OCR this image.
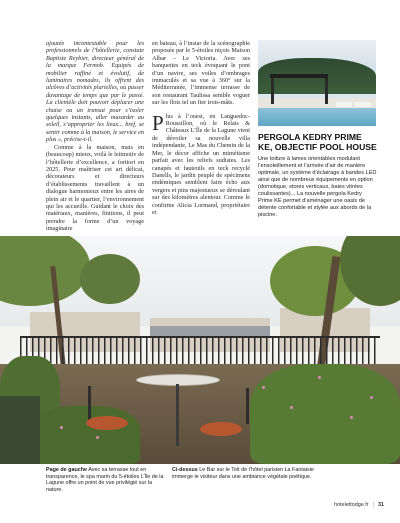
ajoutée incontestable pour les professionnels de l’hôtellerie, constate Baptiste Reybier, directeur général de la marque Fermob. Équipés de mobilier raffiné et évolutif, de luminaires nomades, ils offrent des alcôves d’activités plurielles, où passer davantage de temps que par le passé. La clientèle doit pouvoir déplacer une chaise ou un transat pour s’isoler quelques instants, aller musarder au soleil, s’approprier les lieux... bref, se sentir comme à la maison, le service en plus », précise-t-il.

Comme à la maison, mais en (beaucoup) mieux, voilà le leitmotiv de l’hôtellerie d’excellence, a fortiori en 2025. Pour maîtriser cet art délicat, décorateurs et directeurs d’établissements travaillent à un dialogue harmonieux entre les aires de plein air et le quartier, l’environnement qui les accueille. Guidant le choix des matériaux, manières, finitions, il peut prendre la forme d’un voyage imaginaire

en bateau, à l’instar de la scénographie proposée par le 5-étoiles niçois Maison Albar – Le Victoria. Avec ses banquettes en teck évoquant le pont d’un navire, ses voiles d’ombrages immaculés et sa vue à 360° sur la Méditerranée, l’immense terrasse de son restaurant Taulissa semble voguer sur les flots tel un fier trois-mâts.

Plus à l’ouest, en Languedoc-Roussillon, où le Relais & Châteaux L’Île de la Lagune vient de dévoiler sa nouvelle villa indépendante, Le Mas du Chemin de la Mer, le décor affiche un mimétisme parfait avec les reliefs sudistes. Les canapés et fauteuils en teck recyclé Danells, le jardin peuplé de spécimens endémiques semblent faire écho aux vergers et pins majestueux se déroulant sur des kilomètres alentour. Comme le confirme Alicia Lormand, propriétaire et

PERGOLA KEDRY PRIME KE, OBJECTIF POOL HOUSE
Une toiture à lames orientables modulant l’ensoleillement et l’arrivée d’air de manière optimale, un système d’éclairage à bandes LED ainsi que de nombreux équipements en option (domotique, stores verticaux, baies vitrées coulissantes)... La nouvelle pergola Kedry Prime KE permet d’aménager une oasis de détente confortable et stylée aux abords de la piscine.
Page de gauche Avec sa terrasse tout en transparence, le spa marin du 5-étoiles L’Île de la Lagune offre un point de vue privilégié sur la nature.
Ci-dessus Le Bar sur le Toit de l’hôtel parisien La Fantaisie immerge le visiteur dans une ambiance végétale poétique.
hotelettodge.fr | 31
